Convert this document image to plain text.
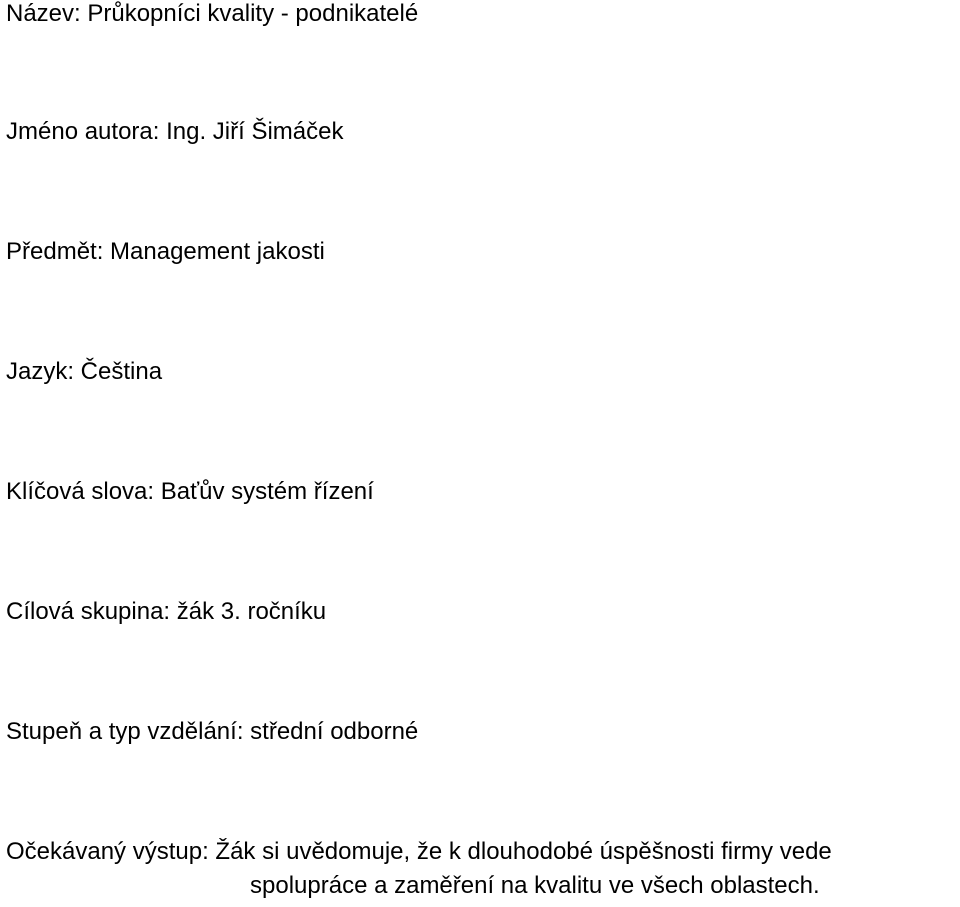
Název: Průkopníci kvality - podnikatelé
Jméno autora: Ing. Jiří Šimáček
Předmět: Management jakosti
Jazyk: Čeština
Klíčová slova: Baťův systém řízení
Cílová skupina: žák 3. ročníku
Stupeň a typ vzdělání: střední odborné
Očekávaný výstup: Žák si uvědomuje, že k dlouhodobé úspěšnosti firmy vede
spolupráce a zaměření na kvalitu ve všech oblastech.
